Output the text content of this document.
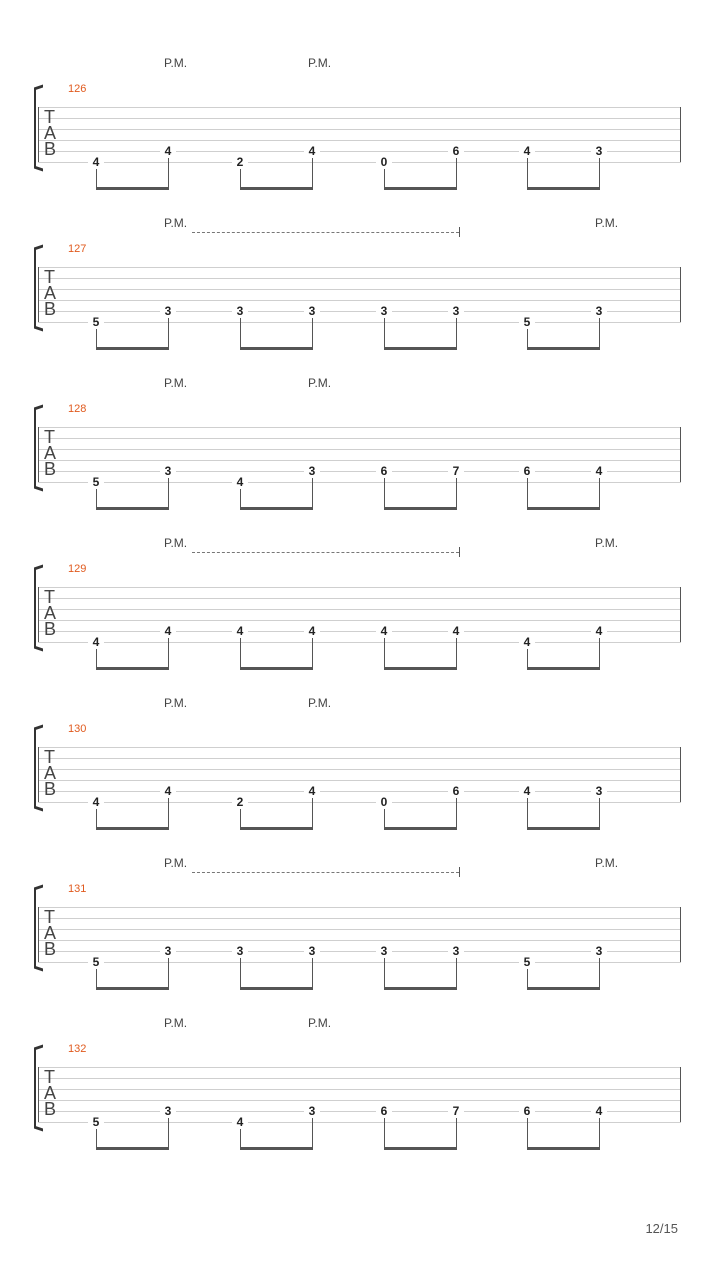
P.M.	P.M.
126
T
A
B
4
4
2
4
0
6	4	3
P.M.	P.M.
127
T
A
B
5
3	3	3	3	3
5
3
P.M.	P.M.
128
T
A
B
5
3
4
3	6	7	6	4
P.M.	P.M.
129
T
A
B
4
4	4	4	4	4
4
4
P.M.	P.M.
130
T
A
B
4
4
2
4
0
6	4	3
P.M.	P.M.
131
T
A
B
5
3	3	3	3	3
5
3
P.M.	P.M.
132
T
A
B
5
3
4
3	6	7	6	4
12/15
